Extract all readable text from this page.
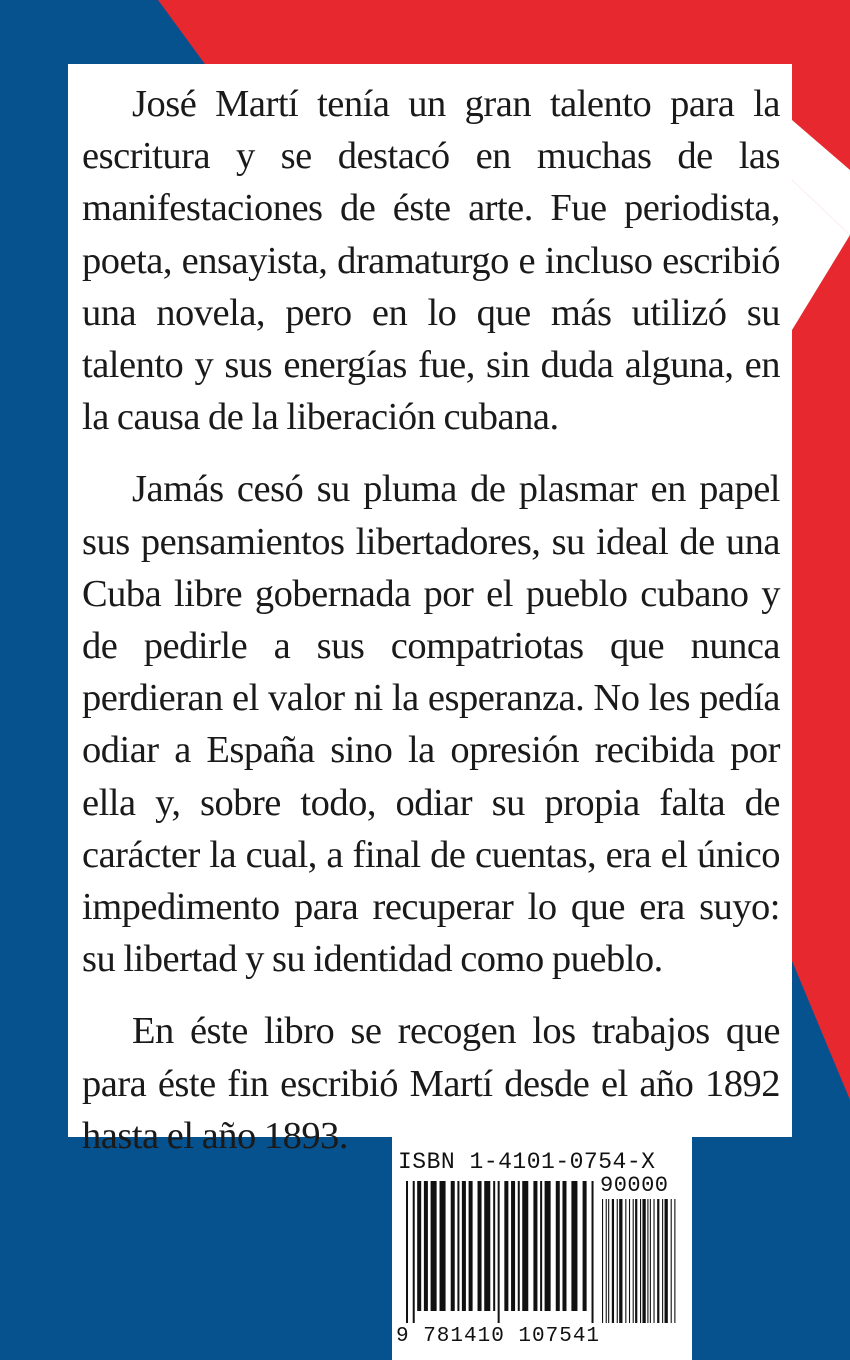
José Martí tenía un gran talento para la escritura y se destacó en muchas de las manifestaciones de éste arte. Fue periodista, poeta, ensayista, dramaturgo e incluso escribió una novela, pero en lo que más utilizó su talento y sus energías fue, sin duda alguna, en la causa de la liberación cubana.

Jamás cesó su pluma de plasmar en papel sus pensamientos libertadores, su ideal de una Cuba libre gobernada por el pueblo cubano y de pedirle a sus compatriotas que nunca perdieran el valor ni la esperanza. No les pedía odiar a España sino la opresión recibida por ella y, sobre todo, odiar su propia falta de carácter la cual, a final de cuentas, era el único impedimento para recuperar lo que era suyo: su libertad y su identidad como pueblo.

En éste libro se recogen los trabajos que para éste fin escribió Martí desde el año 1892 hasta el año 1893.

ISBN 1-4101-0754-X
90000
9 781410 107541
